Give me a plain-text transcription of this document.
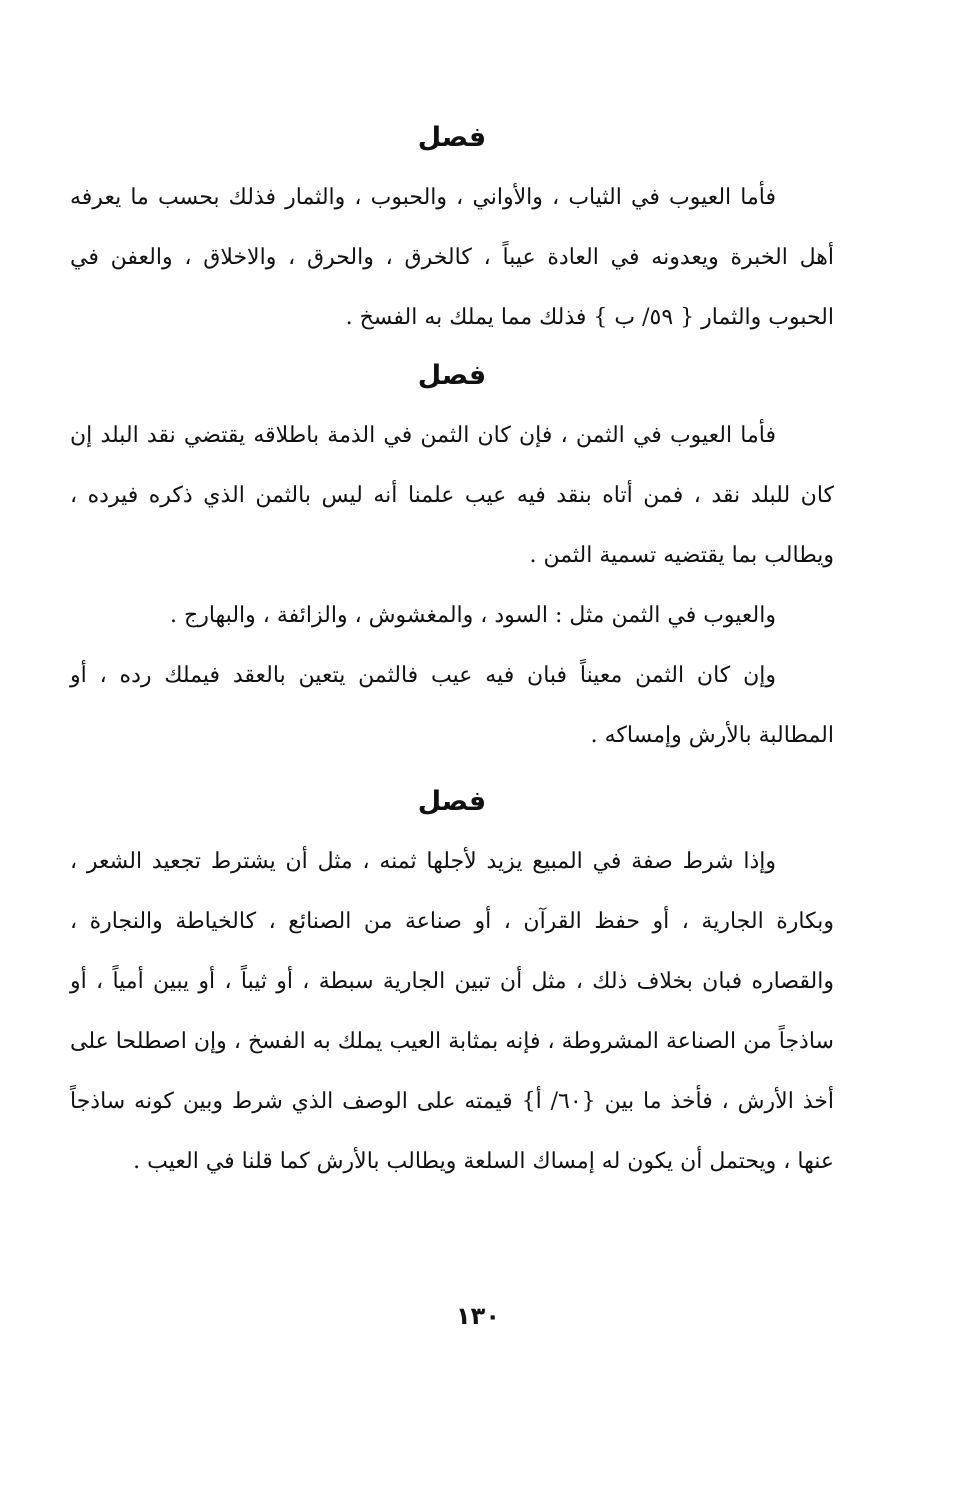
فصل

فأما العيوب في الثياب ، والأواني ، والحبوب ، والثمار فذلك بحسب ما يعرفه أهل الخبرة ويعدونه في العادة عيباً ، كالخرق ، والحرق ، والاخلاق ، والعفن في الحبوب والثمار { ٥٩/ ب } فذلك مما يملك به الفسخ .

فصل

فأما العيوب في الثمن ، فإن كان الثمن في الذمة باطلاقه يقتضي نقد البلد إن كان للبلد نقد ، فمن أتاه بنقد فيه عيب علمنا أنه ليس بالثمن الذي ذكره فيرده ، ويطالب بما يقتضيه تسمية الثمن .

والعيوب في الثمن مثل : السود ، والمغشوش ، والزائفة ، والبهارج .

وإن كان الثمن معيناً فبان فيه عيب فالثمن يتعين بالعقد فيملك رده ، أو المطالبة بالأرش وإمساكه .

فصل

وإذا شرط صفة في المبيع يزيد لأجلها ثمنه ، مثل أن يشترط تجعيد الشعر ، وبكارة الجارية ، أو حفظ القرآن ، أو صناعة من الصنائع ، كالخياطة والنجارة ، والقصاره فبان بخلاف ذلك ، مثل أن تبين الجارية سبطة ، أو ثيباً ، أو يبين أمياً ، أو ساذجاً من الصناعة المشروطة ، فإنه بمثابة العيب يملك به الفسخ ، وإن اصطلحا على أخذ الأرش ، فأخذ ما بين {٦٠/ أ} قيمته على الوصف الذي شرط وبين كونه ساذجاً عنها ، ويحتمل أن يكون له إمساك السلعة ويطالب بالأرش كما قلنا في العيب .

١٣٠
